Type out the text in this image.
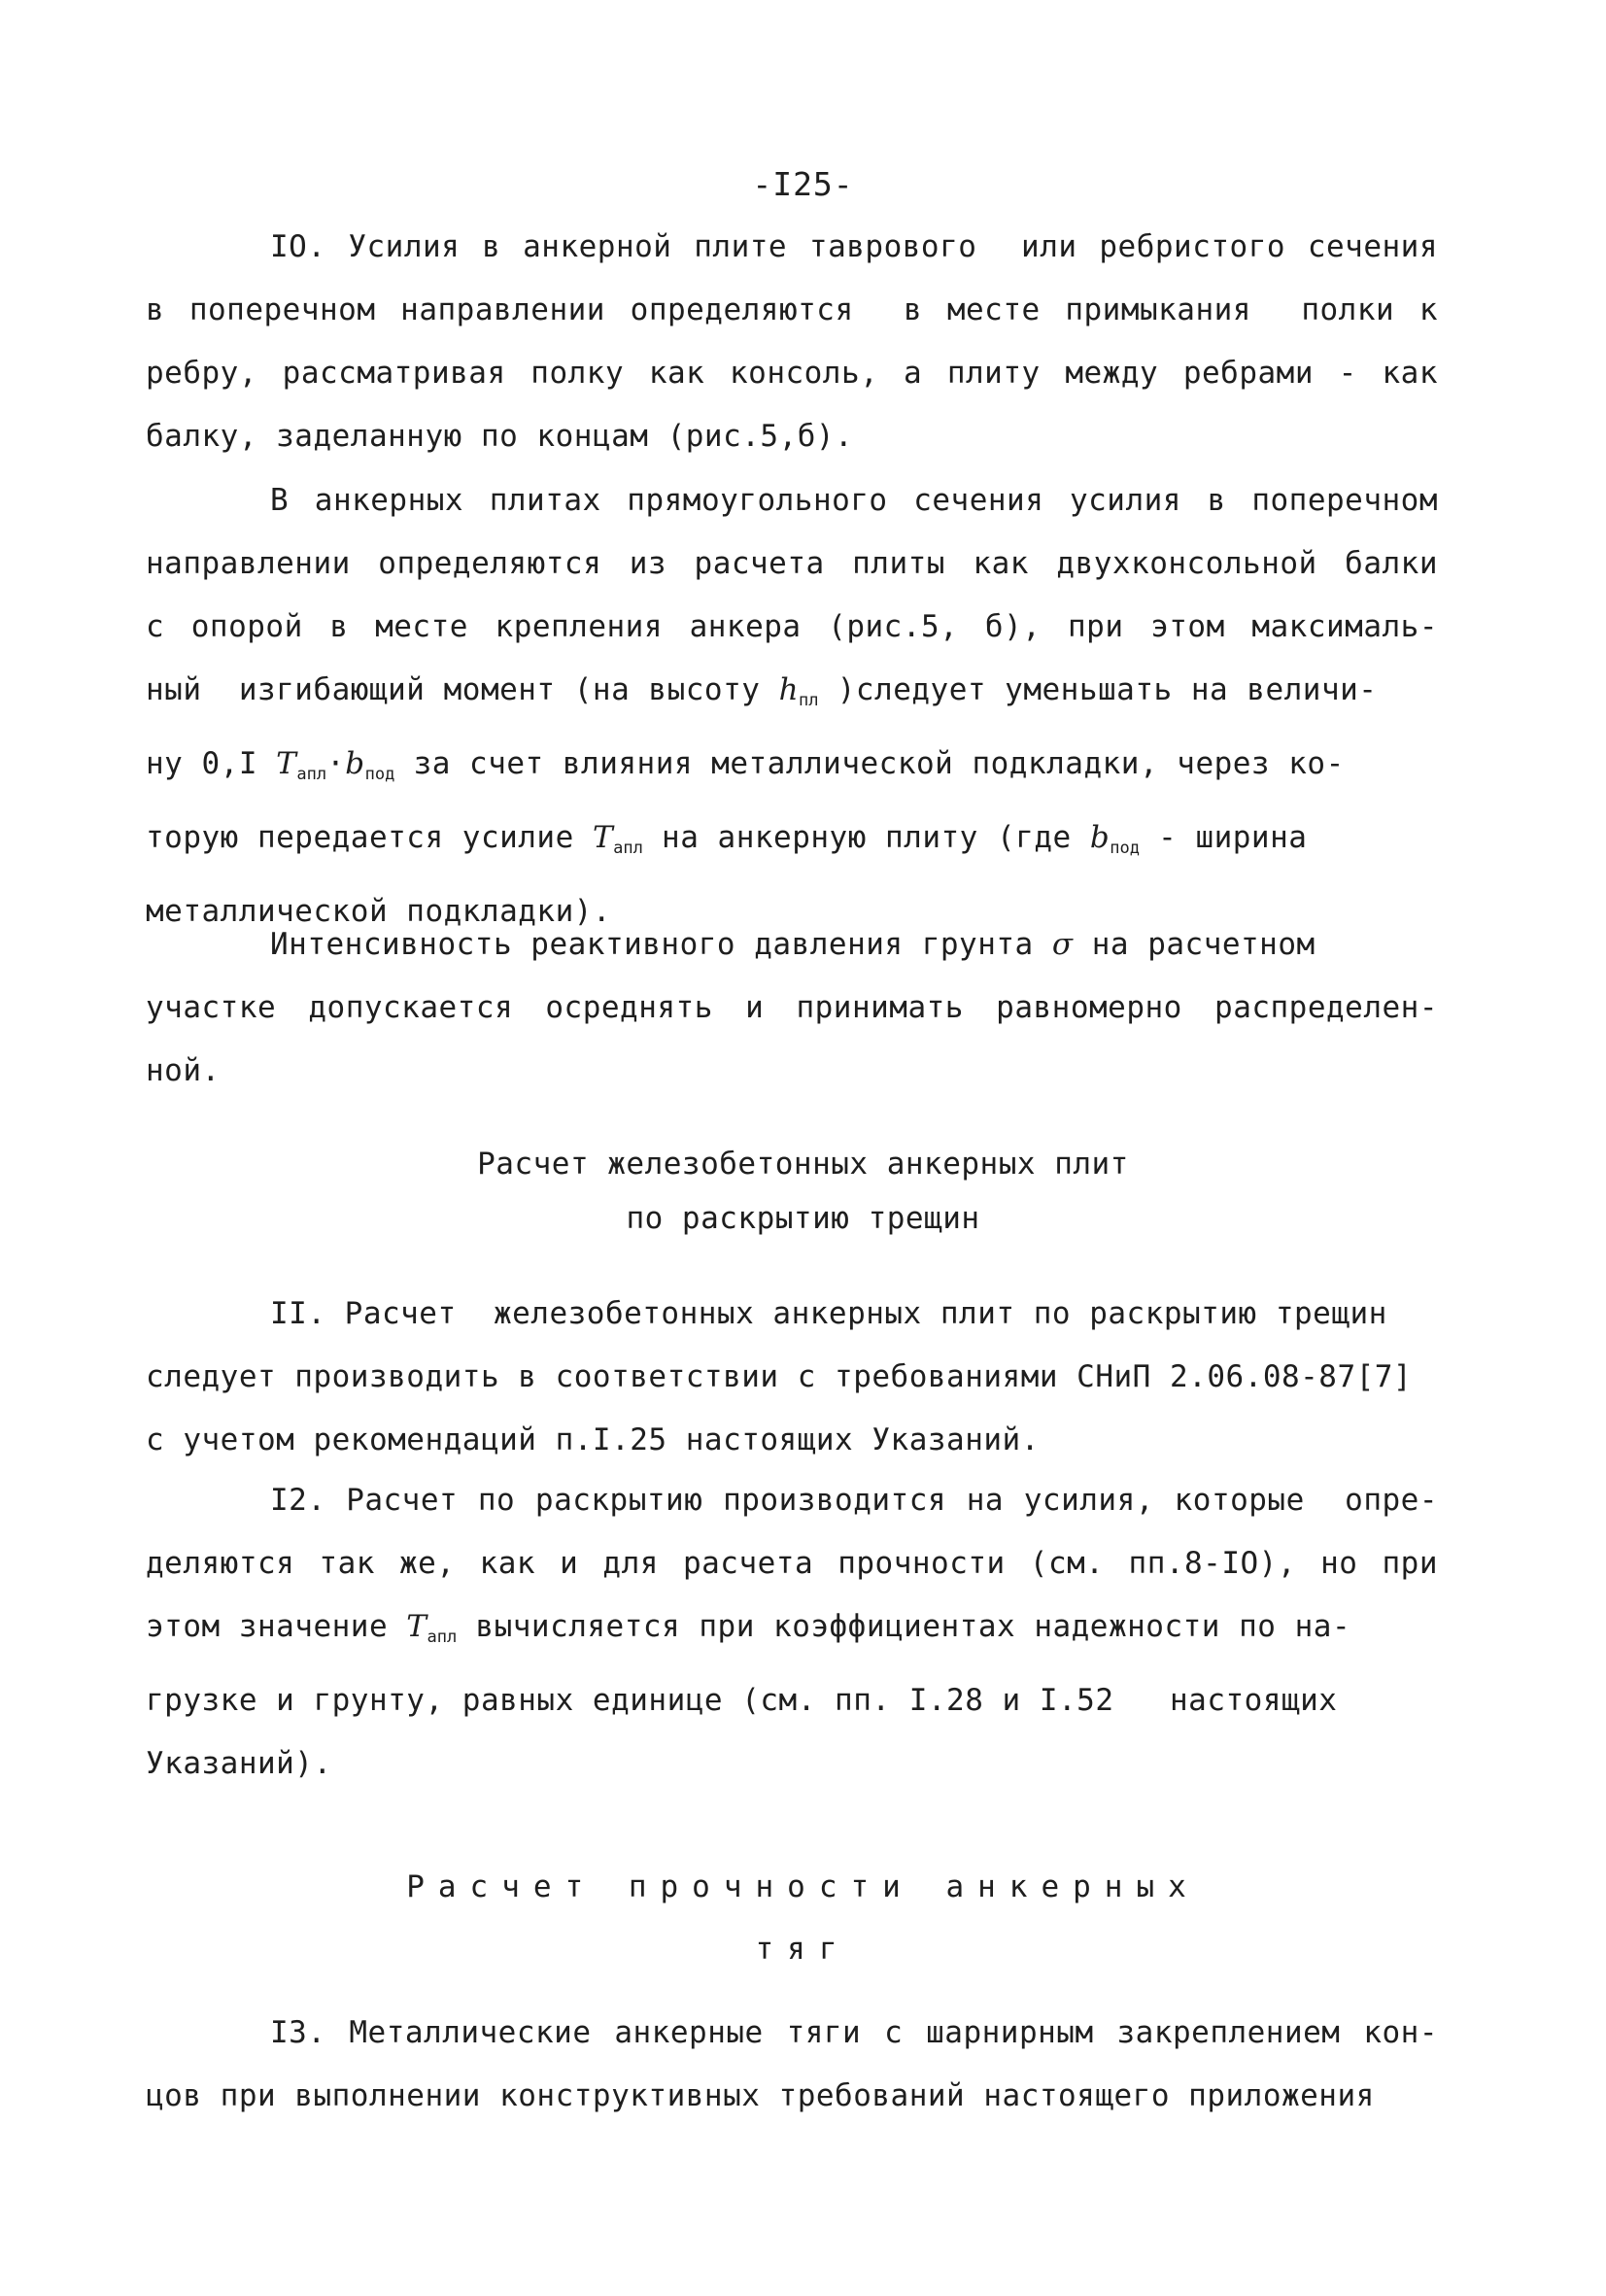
-I25-
IO. Усилия в анкерной плите таврового  или ребристого сечения
в поперечном направлении определяются  в месте примыкания  полки к
ребру, рассматривая полку как консоль, а плиту между ребрами - как
балку, заделанную по концам (рис.5,б).
В анкерных плитах прямоугольного сечения усилия в поперечном
направлении определяются из расчета плиты как двухконсольной балки
с опорой в месте крепления анкера (рис.5, б), при этом максималь-
ный  изгибающий момент (на высоту $h_{пл}$ )следует уменьшать на величи-
ну 0,I $T_{aпл}\cdot b_{под}$ за счет влияния металлической подкладки, через ко-
торую передается усилие $T_{aпл}$ на анкерную плиту (где $b_{под}$ - ширина
металлической подкладки).
Интенсивность реактивного давления грунта σ на расчетном
участке допускается осреднять и принимать равномерно распределен-
ной.
Расчет железобетонных анкерных плит
по раскрытию трещин
II. Расчет  железобетонных анкерных плит по раскрытию трещин
следует производить в соответствии с требованиями СНиП 2.06.08-87[7]
с учетом рекомендаций п.I.25 настоящих Указаний.
I2. Расчет по раскрытию производится на усилия, которые  опре-
деляются так же, как и для расчета прочности (см. пп.8-IO), но при
этом значение $T_{aпл}$ вычисляется при коэффициентах надежности по на-
грузке и грунту, равных единице (см. пп. I.28 и I.52   настоящих
Указаний).
Расчет прочности анкерных
тяг
I3. Металлические анкерные тяги с шарнирным закреплением кон-
цов при выполнении конструктивных требований настоящего приложения
